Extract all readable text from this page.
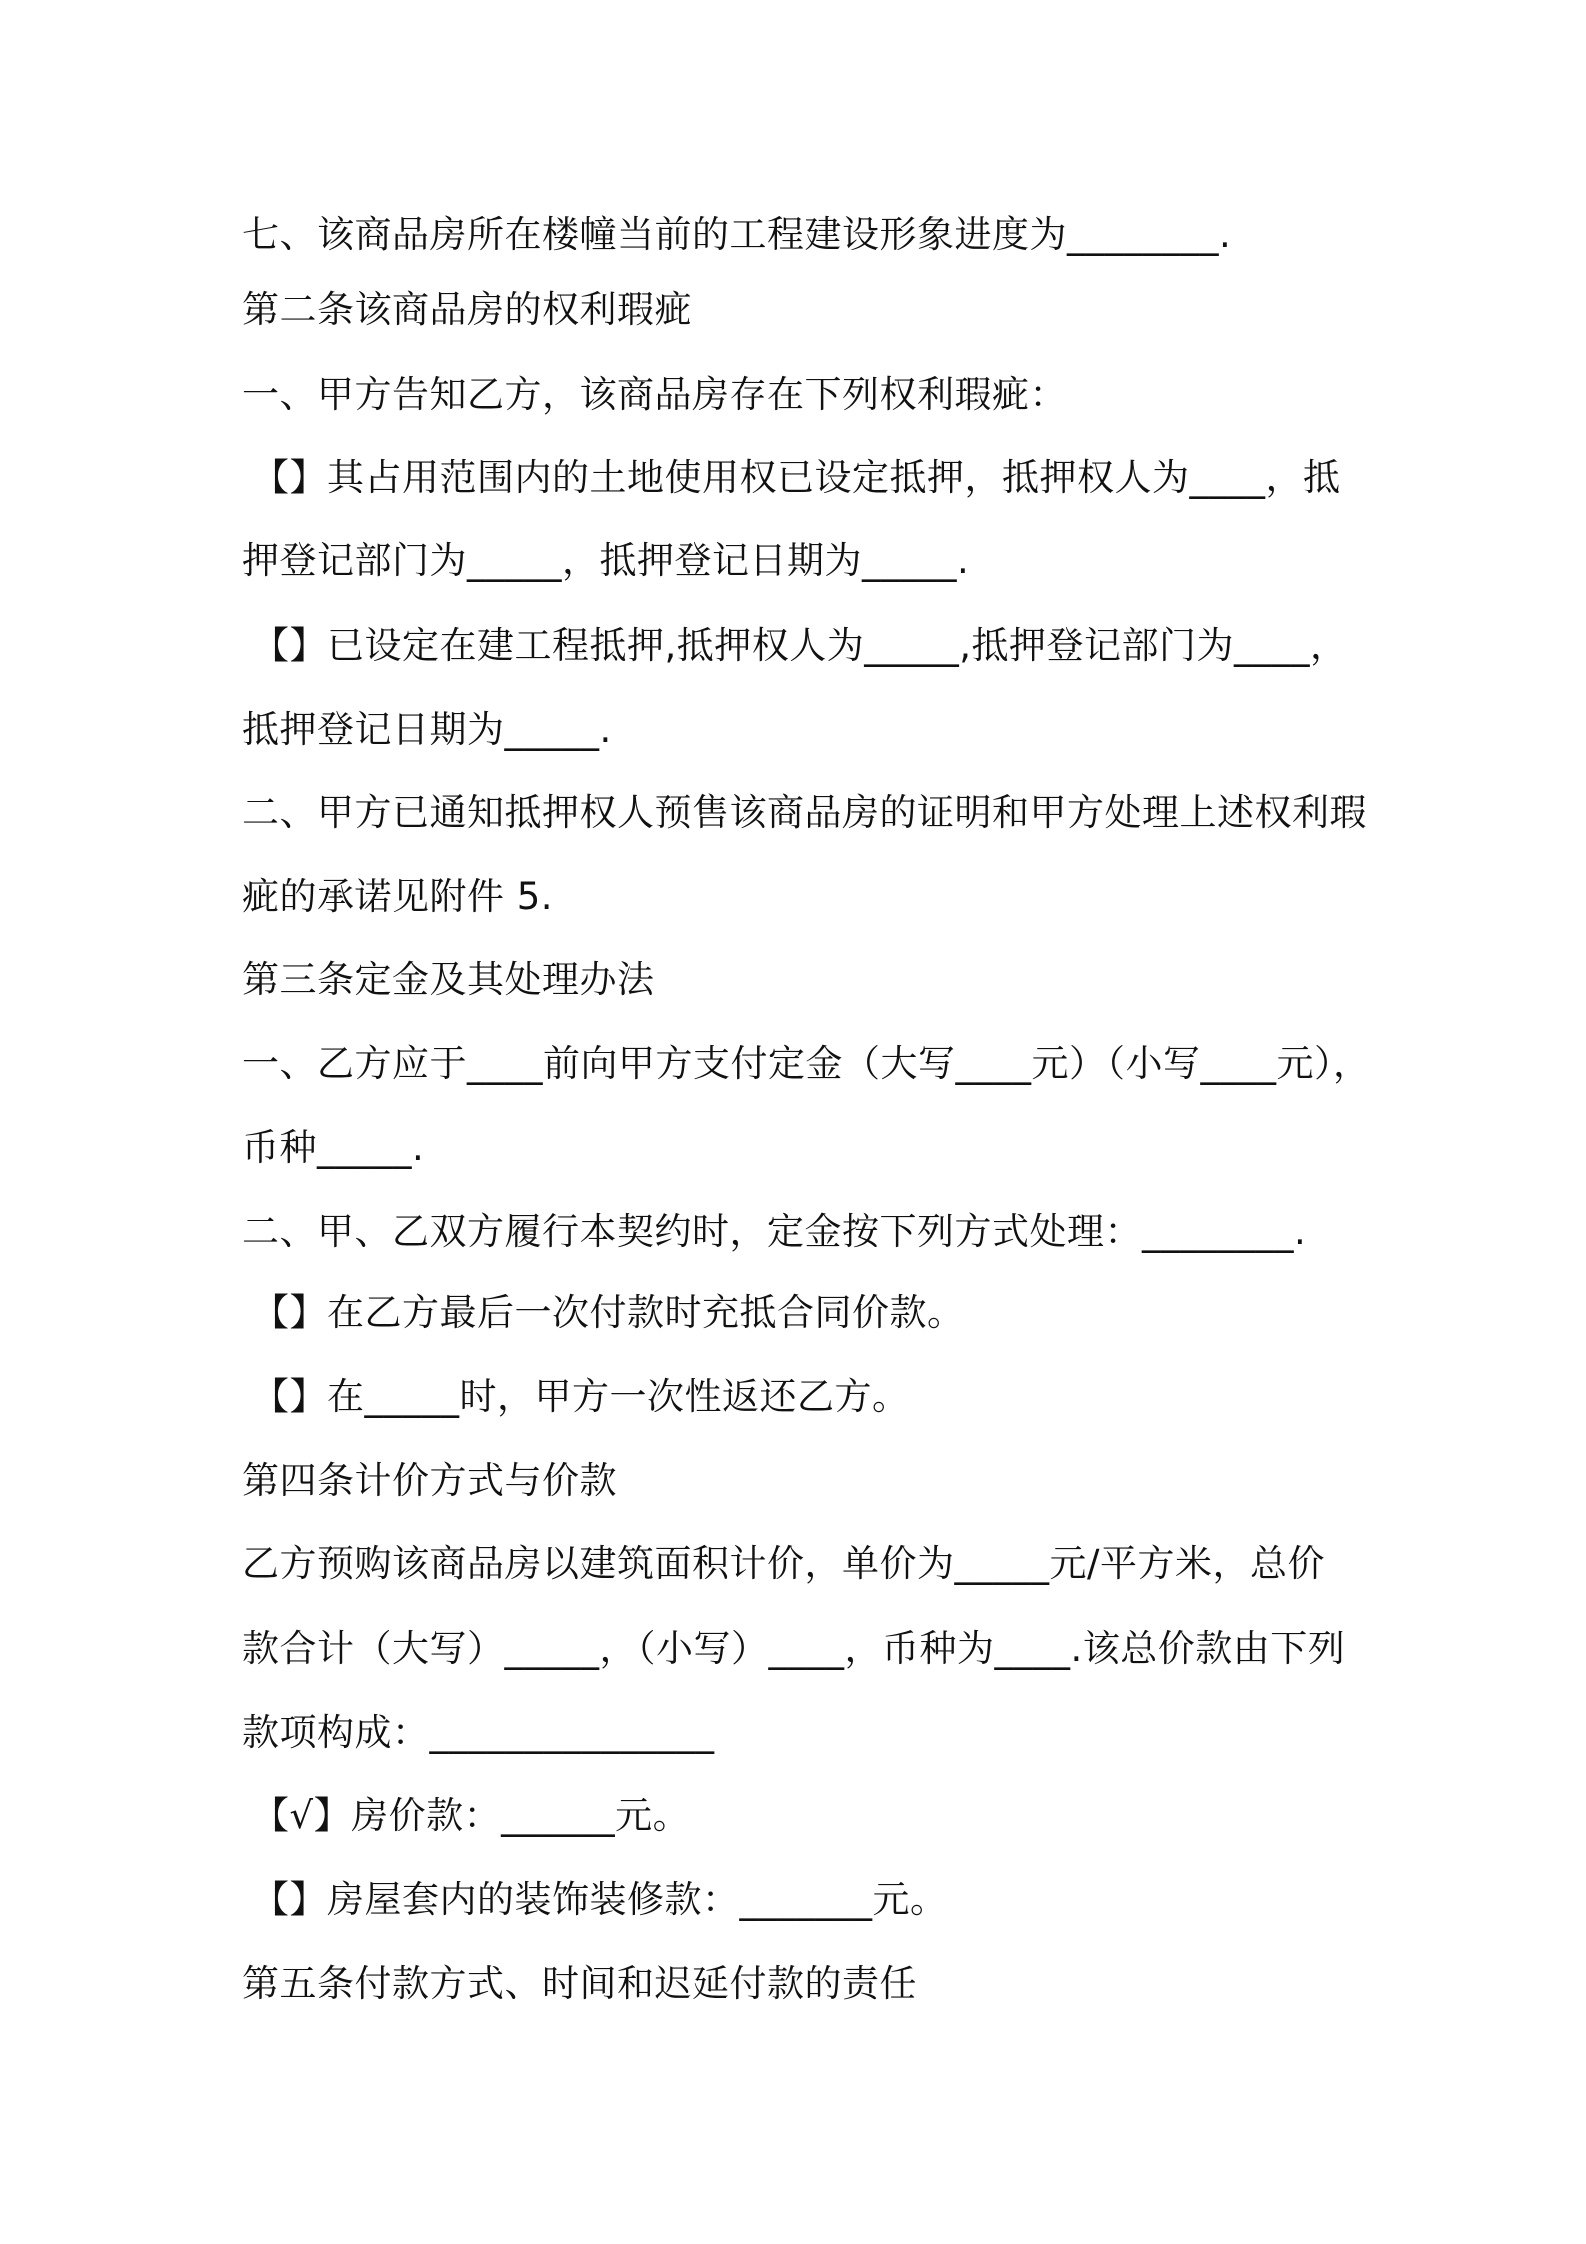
七、该商品房所在楼幢当前的工程建设形象进度为________.
第二条该商品房的权利瑕疵
一、甲方告知乙方，该商品房存在下列权利瑕疵：
【】其占用范围内的土地使用权已设定抵押，抵押权人为____，抵
押登记部门为_____，抵押登记日期为_____.
【】已设定在建工程抵押,抵押权人为_____,抵押登记部门为____，
抵押登记日期为_____.
二、甲方已通知抵押权人预售该商品房的证明和甲方处理上述权利瑕
疵的承诺见附件 5.
第三条定金及其处理办法
一、乙方应于____前向甲方支付定金（大写____元）（小写____元），
币种_____.
二、甲、乙双方履行本契约时，定金按下列方式处理：________.
【】在乙方最后一次付款时充抵合同价款。
【】在_____时，甲方一次性返还乙方。
第四条计价方式与价款
乙方预购该商品房以建筑面积计价，单价为_____元/平方米，总价
款合计（大写）_____，（小写）____，币种为____.该总价款由下列
款项构成：_______________
【√】房价款：______元。
【】房屋套内的装饰装修款：_______元。
第五条付款方式、时间和迟延付款的责任
